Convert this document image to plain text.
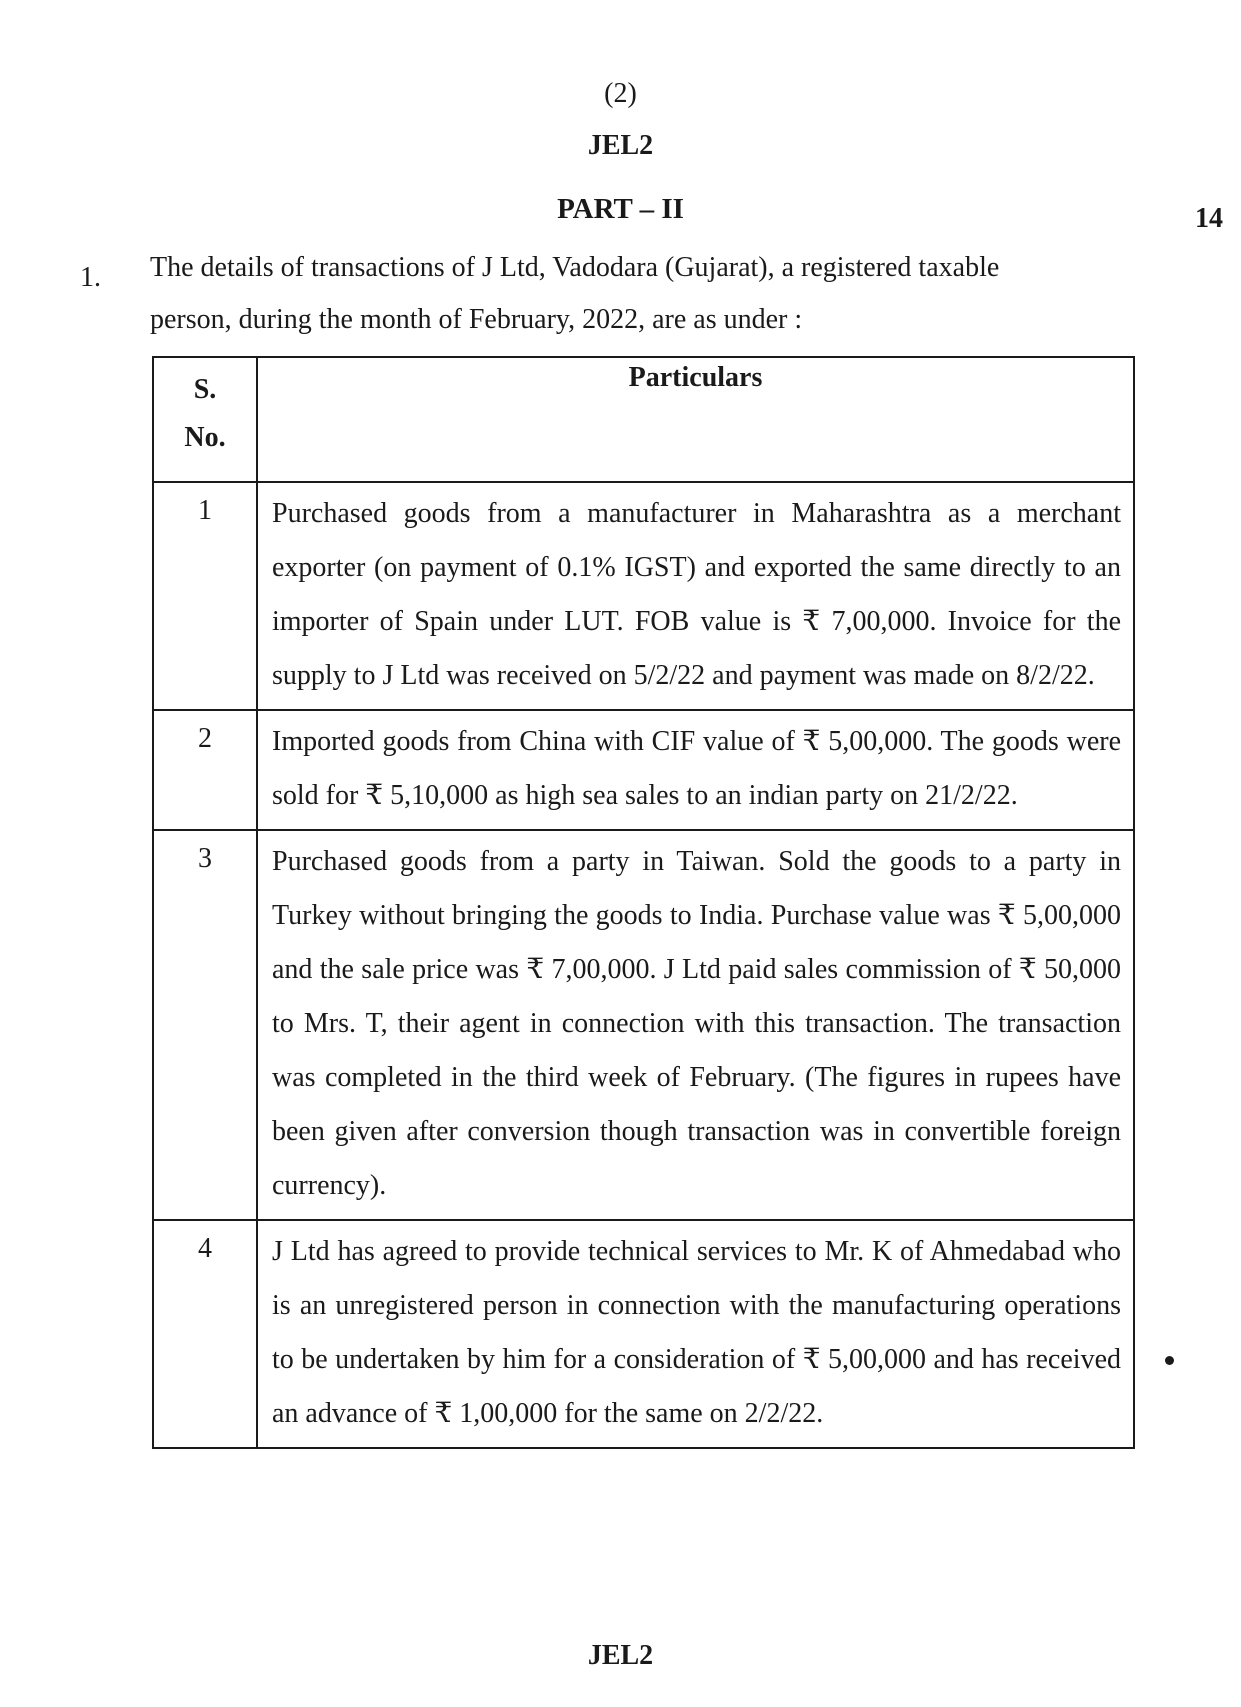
(2)
JEL2
PART – II	14
1. The details of transactions of J Ltd, Vadodara (Gujarat), a registered taxable
person, during the month of February, 2022, are as under :
S.
No.	Particulars
1	Purchased goods from a manufacturer in Maharashtra as a merchant exporter (on payment of 0.1% IGST) and exported the same directly to an importer of Spain under LUT. FOB value is ₹ 7,00,000. Invoice for the supply to J Ltd was received on 5/2/22 and payment was made on 8/2/22.
2	Imported goods from China with CIF value of ₹ 5,00,000. The goods were sold for ₹ 5,10,000 as high sea sales to an indian party on 21/2/22.
3	Purchased goods from a party in Taiwan. Sold the goods to a party in Turkey without bringing the goods to India. Purchase value was ₹ 5,00,000 and the sale price was ₹ 7,00,000. J Ltd paid sales commission of ₹ 50,000 to Mrs. T, their agent in connection with this transaction. The transaction was completed in the third week of February. (The figures in rupees have been given after conversion though transaction was in convertible foreign currency).
4	J Ltd has agreed to provide technical services to Mr. K of Ahmedabad who is an unregistered person in connection with the manufacturing operations to be undertaken by him for a consideration of ₹ 5,00,000 and has received an advance of ₹ 1,00,000 for the same on 2/2/22.
JEL2
